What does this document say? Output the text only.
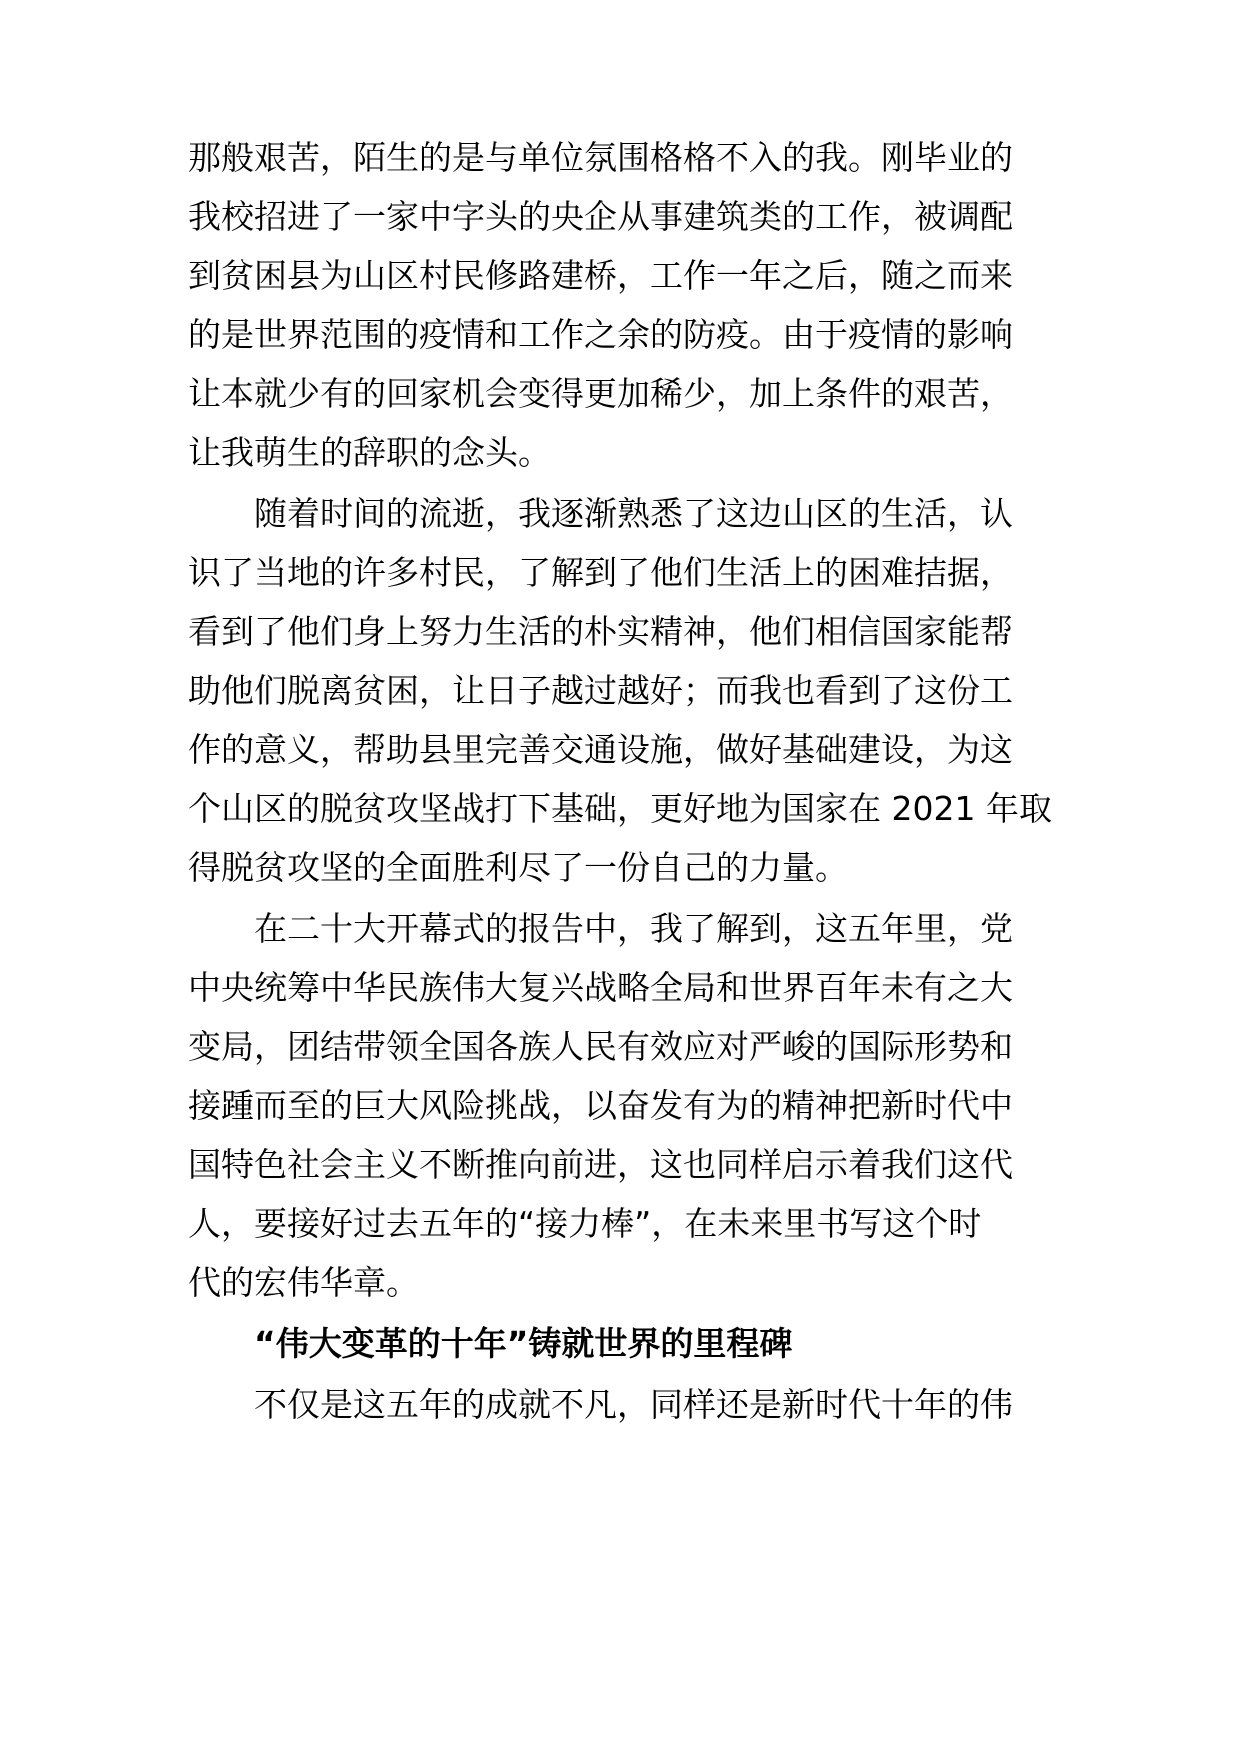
那般艰苦，陌生的是与单位氛围格格不入的我。刚毕业的
我校招进了一家中字头的央企从事建筑类的工作，被调配
到贫困县为山区村民修路建桥，工作一年之后，随之而来
的是世界范围的疫情和工作之余的防疫。由于疫情的影响
让本就少有的回家机会变得更加稀少，加上条件的艰苦，
让我萌生的辞职的念头。
随着时间的流逝，我逐渐熟悉了这边山区的生活，认
识了当地的许多村民，了解到了他们生活上的困难拮据，
看到了他们身上努力生活的朴实精神，他们相信国家能帮
助他们脱离贫困，让日子越过越好；而我也看到了这份工
作的意义，帮助县里完善交通设施，做好基础建设，为这
个山区的脱贫攻坚战打下基础，更好地为国家在 2021 年取
得脱贫攻坚的全面胜利尽了一份自己的力量。
在二十大开幕式的报告中，我了解到，这五年里，党
中央统筹中华民族伟大复兴战略全局和世界百年未有之大
变局，团结带领全国各族人民有效应对严峻的国际形势和
接踵而至的巨大风险挑战，以奋发有为的精神把新时代中
国特色社会主义不断推向前进，这也同样启示着我们这代
人，要接好过去五年的“接力棒”，在未来里书写这个时
代的宏伟华章。
“伟大变革的十年”铸就世界的里程碑
不仅是这五年的成就不凡，同样还是新时代十年的伟
